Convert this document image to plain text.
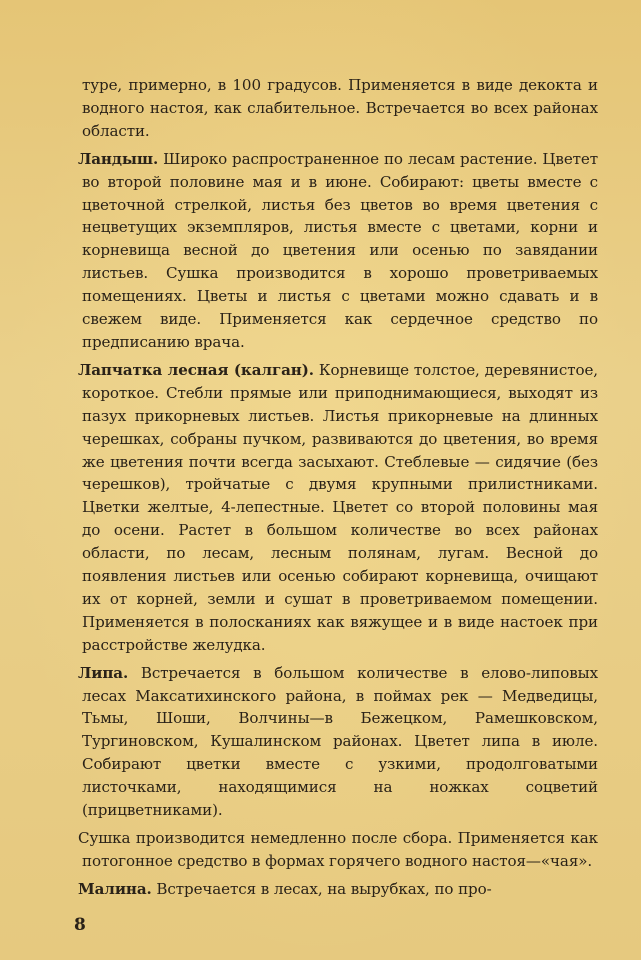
туре, примерно, в 100 градусов. Применяется в виде декокта и водного настоя, как слабительное. Встречается во всех районах области.

Ландыш. Широко распространенное по лесам растение. Цветет во второй половине мая и в июне. Собирают: цветы вместе с цветочной стрелкой, листья без цветов во время цветения с нецветущих экземпляров, листья вместе с цветами, корни и корневища весной до цветения или осенью по завядании листьев. Сушка производится в хорошо проветриваемых помещениях. Цветы и листья с цветами можно сдавать и в свежем виде. Применяется как сердечное средство по предписанию врача.

Лапчатка лесная (калган). Корневище толстое, деревянистое, короткое. Стебли прямые или приподнимающиеся, выходят из пазух прикорневых листьев. Листья прикорневые на длинных черешках, собраны пучком, развиваются до цветения, во время же цветения почти всегда засыхают. Стеблевые — сидячие (без черешков), тройчатые с двумя крупными прилистниками. Цветки желтые, 4-лепестные. Цветет со второй половины мая до осени. Растет в большом количестве во всех районах области, по лесам, лесным полянам, лугам. Весной до появления листьев или осенью собирают корневища, очищают их от корней, земли и сушат в проветриваемом помещении. Применяется в полосканиях как вяжущее и в виде настоек при расстройстве желудка.

Липа. Встречается в большом количестве в елово-липовых лесах Максатихинского района, в поймах рек — Медведицы, Тьмы, Шоши, Волчины—в Бежецком, Рамешковском, Тургиновском, Кушалинском районах. Цветет липа в июле. Собирают цветки вместе с узкими, продолговатыми листочками, находящимися на ножках соцветий (прицветниками).

Сушка производится немедленно после сбора. Применяется как потогонное средство в формах горячего водного настоя—«чая».

Малина. Встречается в лесах, на вырубках, по про-

8
